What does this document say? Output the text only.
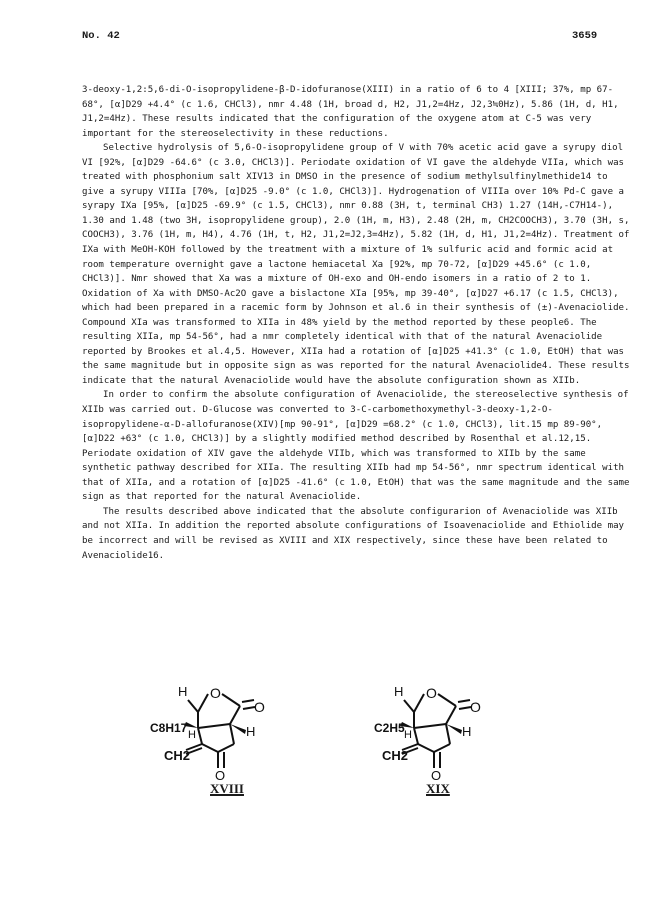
No. 42	3659

3-deoxy-1,2:5,6-di-O-isopropylidene-β-D-idofuranose(XIII) in a ratio of 6 to 4 [XIII; 37%, mp 67-68°, [α]D29 +4.4° (c 1.6, CHCl3), nmr 4.48 (1H, broad d, H2, J1,2=4Hz, J2,3≒0Hz), 5.86 (1H, d, H1, J1,2=4Hz). These results indicated that the configuration of the oxygene atom at C-5 was very important for the stereoselectivity in these reductions.

Selective hydrolysis of 5,6-O-isopropylidene group of V with 70% acetic acid gave a syrupy diol VI [92%, [α]D29 -64.6° (c 3.0, CHCl3)]. Periodate oxidation of VI gave the aldehyde VIIa, which was treated with phosphonium salt XIV13 in DMSO in the presence of sodium methylsulfinylmethide14 to give a syrupy VIIIa [70%, [α]D25 -9.0° (c 1.0, CHCl3)]. Hydrogenation of VIIIa over 10% Pd-C gave a syrapy IXa [95%, [α]D25 -69.9° (c 1.5, CHCl3), nmr 0.88 (3H, t, terminal CH3) 1.27 (14H,-C7H14-), 1.30 and 1.48 (two 3H, isopropylidene group), 2.0 (1H, m, H3), 2.48 (2H, m, CH2COOCH3), 3.70 (3H, s, COOCH3), 3.76 (1H, m, H4), 4.76 (1H, t, H2, J1,2=J2,3=4Hz), 5.82 (1H, d, H1, J1,2=4Hz). Treatment of IXa with MeOH-KOH followed by the treatment with a mixture of 1% sulfuric acid and formic acid at room temperature overnight gave a lactone hemiacetal Xa [92%, mp 70-72, [α]D29 +45.6° (c 1.0, CHCl3)]. Nmr showed that Xa was a mixture of OH-exo and OH-endo isomers in a ratio of 2 to 1. Oxidation of Xa with DMSO-Ac2O gave a bislactone XIa [95%, mp 39-40°, [α]D27 +6.17 (c 1.5, CHCl3), which had been prepared in a racemic form by Johnson et al.6 in their synthesis of (±)-Avenaciolide. Compound XIa was transformed to XIIa in 48% yield by the method reported by these people6. The resulting XIIa, mp 54-56°, had a nmr completely identical with that of the natural Avenaciolide reported by Brookes et al.4,5. However, XIIa had a rotation of [α]D25 +41.3° (c 1.0, EtOH) that was the same magnitude but in opposite sign as was reported for the natural Avenaciolide4. These results indicate that the natural Avenaciolide would have the absolute configuration shown as XIIb.

In order to confirm the absolute configuration of Avenaciolide, the stereoselective synthesis of XIIb was carried out. D-Glucose was converted to 3-C-carbomethoxymethyl-3-deoxy-1,2-O-isopropylidene-α-D-allofuranose(XIV)[mp 90-91°, [α]D29 =68.2° (c 1.0, CHCl3), lit.15 mp 89-90°, [α]D22 +63° (c 1.0, CHCl3)] by a slightly modified method described by Rosenthal et al.12,15. Periodate oxidation of XIV gave the aldehyde VIIb, which was transformed to XIIb by the same synthetic pathway described for XIIa. The resulting XIIb had mp 54-56°, nmr spectrum identical with that of XIIa, and a rotation of [α]D25 -41.6° (c 1.0, EtOH) that was the same magnitude and the same sign as that reported for the natural Avenaciolide.

The results described above indicated that the absolute configurarion of Avenaciolide was XIIb and not XIIa. In addition the reported absolute configurations of Isoavenaciolide and Ethiolide may be incorrect and will be revised as XVIII and XIX respectively, since these have been related to Avenaciolide16.

H O
O
C8H17 H	H
CH2
O
XVIII
H O
O
C2H5 H	H
CH2
O
XIX
